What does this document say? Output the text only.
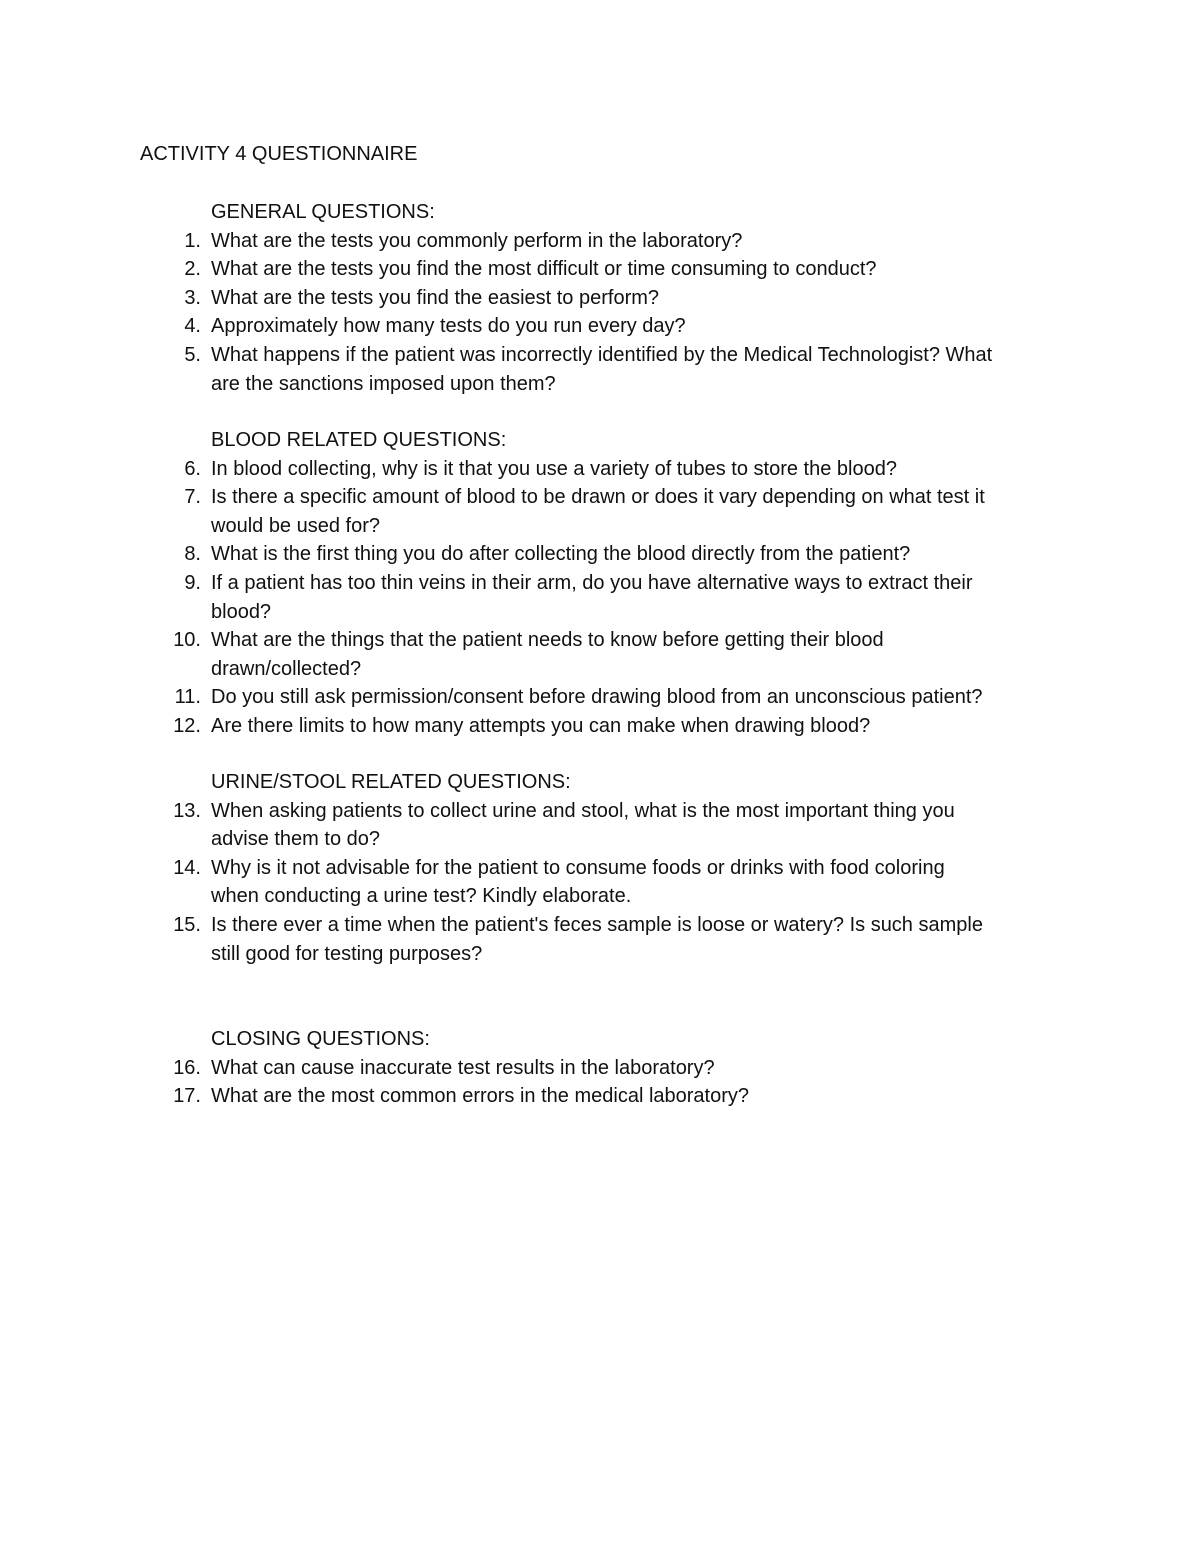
ACTIVITY 4 QUESTIONNAIRE
GENERAL QUESTIONS:
1. What are the tests you commonly perform in the laboratory?
2. What are the tests you find the most difficult or time consuming to conduct?
3. What are the tests you find the easiest to perform?
4. Approximately how many tests do you run every day?
5. What happens if the patient was incorrectly identified by the Medical Technologist? What
are the sanctions imposed upon them?
BLOOD RELATED QUESTIONS:
6. In blood collecting, why is it that you use a variety of tubes to store the blood?
7. Is there a specific amount of blood to be drawn or does it vary depending on what test it
would be used for?
8. What is the first thing you do after collecting the blood directly from the patient?
9. If a patient has too thin veins in their arm, do you have alternative ways to extract their
blood?
10. What are the things that the patient needs to know before getting their blood
drawn/collected?
11. Do you still ask permission/consent before drawing blood from an unconscious patient?
12. Are there limits to how many attempts you can make when drawing blood?
URINE/STOOL RELATED QUESTIONS:
13. When asking patients to collect urine and stool, what is the most important thing you
advise them to do?
14. Why is it not advisable for the patient to consume foods or drinks with food coloring
when conducting a urine test? Kindly elaborate.
15. Is there ever a time when the patient's feces sample is loose or watery? Is such sample
still good for testing purposes?
CLOSING QUESTIONS:
16. What can cause inaccurate test results in the laboratory?
17. What are the most common errors in the medical laboratory?
